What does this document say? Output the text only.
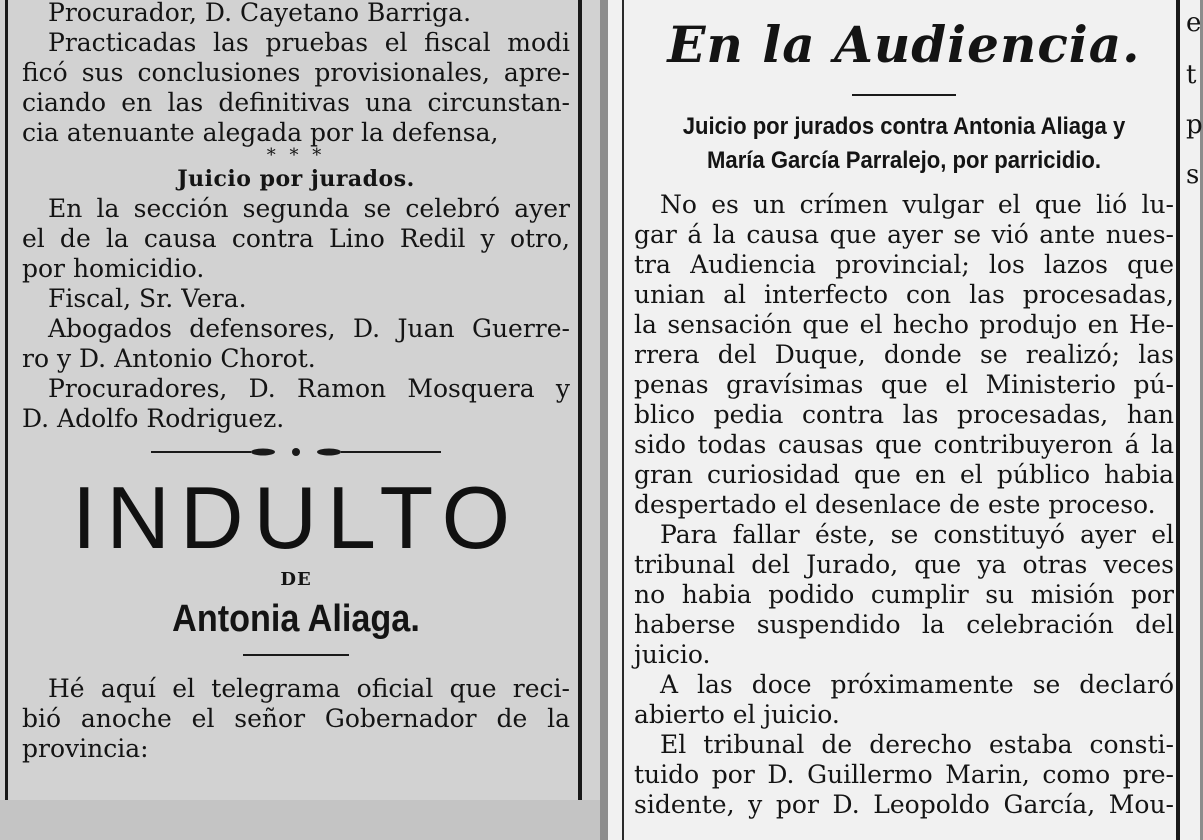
Procurador, D. Cayetano Barriga.
Practicadas las pruebas el fiscal modi
ficó sus conclusiones provisionales, apre-
ciando en las definitivas una circunstan-
cia atenuante alegada por la defensa,
* * *
Juicio por jurados.
En la sección segunda se celebró ayer
el de la causa contra Lino Redil y otro,
por homicidio.
Fiscal, Sr. Vera.
Abogados defensores, D. Juan Guerre-
ro y D. Antonio Chorot.
Procuradores, D. Ramon Mosquera y
D. Adolfo Rodriguez.
INDULTO
DE
Antonia Aliaga.
Hé aquí el telegrama oficial que reci-
bió anoche el señor Gobernador de la
provincia:
e
t
p
s
En la Audiencia.
Juicio por jurados contra Antonia Aliaga y
María García Parralejo, por parricidio.
No es un crímen vulgar el que lió lu-
gar á la causa que ayer se vió ante nues-
tra Audiencia provincial; los lazos que
unian al interfecto con las procesadas,
la sensación que el hecho produjo en He-
rrera del Duque, donde se realizó; las
penas gravísimas que el Ministerio pú-
blico pedia contra las procesadas, han
sido todas causas que contribuyeron á la
gran curiosidad que en el público habia
despertado el desenlace de este proceso.
Para fallar éste, se constituyó ayer el
tribunal del Jurado, que ya otras veces
no habia podido cumplir su misión por
haberse suspendido la celebración del
juicio.
A las doce próximamente se declaró
abierto el juicio.
El tribunal de derecho estaba consti-
tuido por D. Guillermo Marin, como pre-
sidente, y por D. Leopoldo García, Mou-
